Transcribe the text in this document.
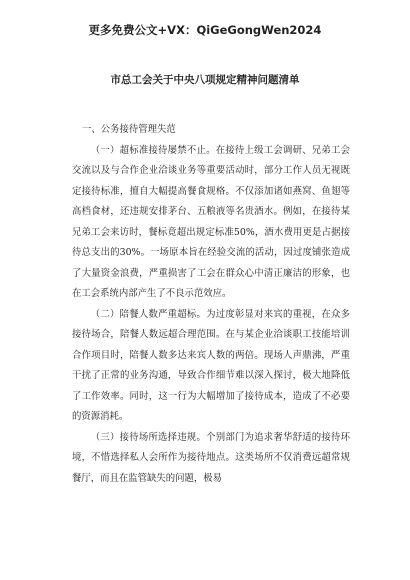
更多免费公文+VX：QiGeGongWen2024
市总工会关于中央八项规定精神问题清单

一、公务接待管理失范

（一）超标准接待屡禁不止。在接待上级工会调研、兄弟工会交流以及与合作企业洽谈业务等重要活动时，部分工作人员无视既定接待标准，擅自大幅提高餐食规格。不仅添加诸如燕窝、鱼翅等高档食材，还违规安排茅台、五粮液等名贵酒水。例如，在接待某兄弟工会来访时，餐标竟超出规定标准50%，酒水费用更是占据接待总支出的30%。一场原本旨在经验交流的活动，因过度铺张造成了大量资金浪费，严重损害了工会在群众心中清正廉洁的形象，也在工会系统内部产生了不良示范效应。

（二）陪餐人数严重超标。为过度彰显对来宾的重视，在众多接待场合，陪餐人数远超合理范围。在与某企业洽谈职工技能培训合作项目时，陪餐人数多达来宾人数的两倍。现场人声鼎沸，严重干扰了正常的业务沟通，导致合作细节难以深入探讨，极大地降低了工作效率。同时，这一行为大幅增加了接待成本，造成了不必要的资源消耗。

（三）接待场所选择违规。个别部门为追求奢华舒适的接待环境，不惜选择私人会所作为接待地点。这类场所不仅消费远超常规餐厅，而且在监管缺失的问题，极易
